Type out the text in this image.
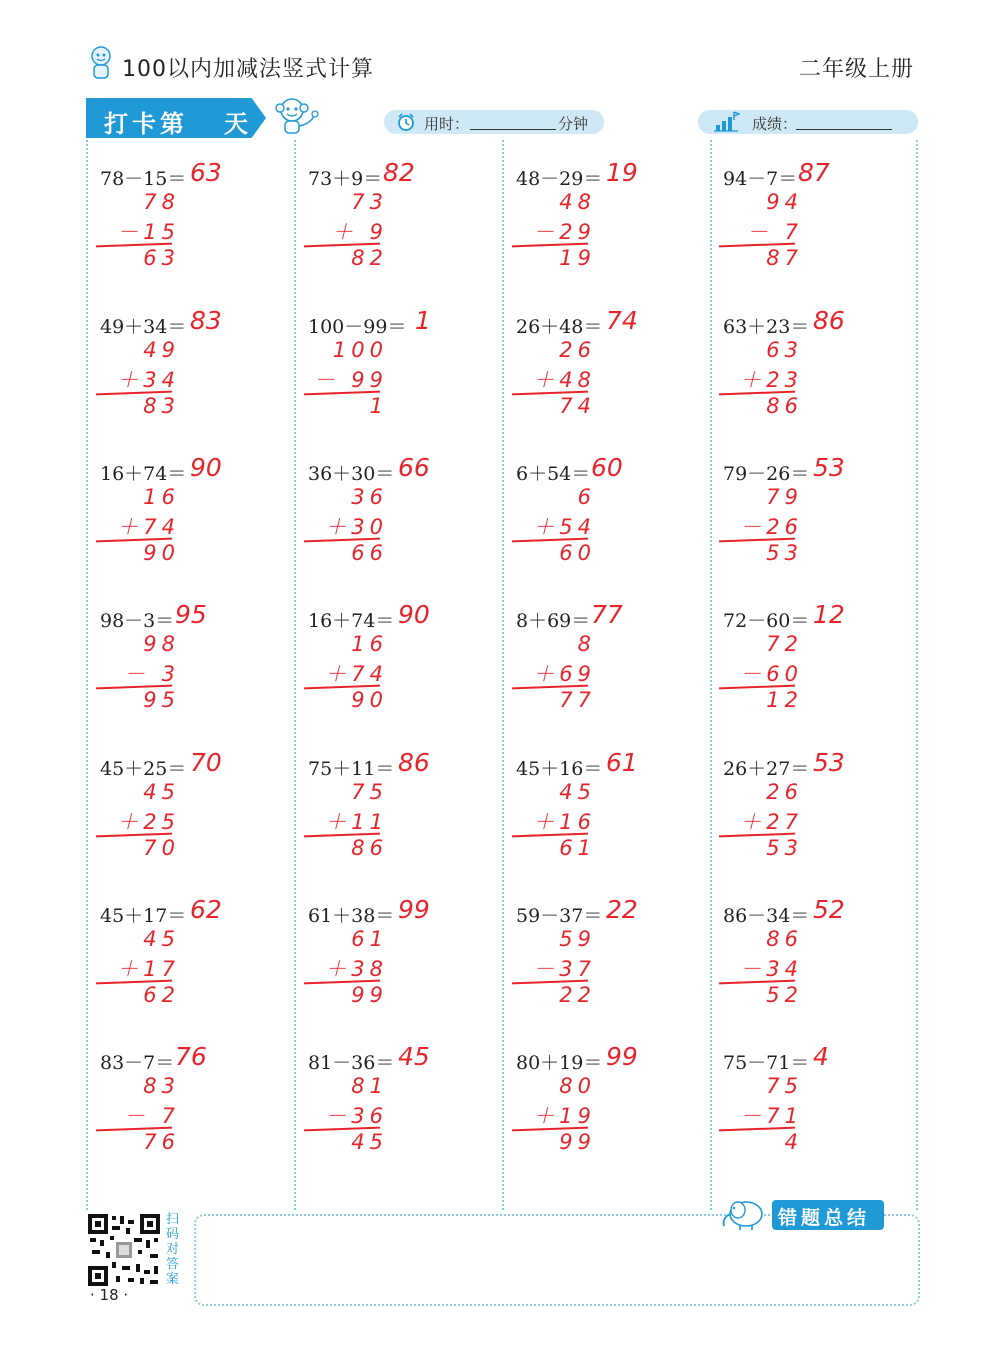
100以内加减法竖式计算	二年级上册
打卡第 天	用时：	分钟	成绩：
78－15＝ 63
78
－15
63
73＋9＝ 82
73
＋ 9
82
48－29＝ 19
48
－29
19
94－7＝ 87
94
－ 7
87
49＋34＝ 83
49
＋34
83
100－99＝ 1
100
－ 99
1
26＋48＝ 74
26
＋48
74
63＋23＝ 86
63
＋23
86
16＋74＝ 90
16
＋74
90
36＋30＝ 66
36
＋30
66
6＋54＝ 60
6
＋54
60
79－26＝ 53
79
－26
53
98－3＝ 95
98
－ 3
95
16＋74＝ 90
16
＋74
90
8＋69＝ 77
8
＋69
77
72－60＝ 12
72
－60
12
45＋25＝ 70
45
＋25
70
75＋11＝ 86
75
＋11
86
45＋16＝ 61
45
＋16
61
26＋27＝ 53
26
＋27
53
45＋17＝ 62
45
＋17
62
61＋38＝ 99
61
＋38
99
59－37＝ 22
59
－37
22
86－34＝ 52
86
－34
52
83－7＝ 76
83
－ 7
76
81－36＝ 45
81
－36
45
80＋19＝ 99
80
＋19
99
75－71＝ 4
75
－71
4
扫码对答案
· 18 ·
错题总结
